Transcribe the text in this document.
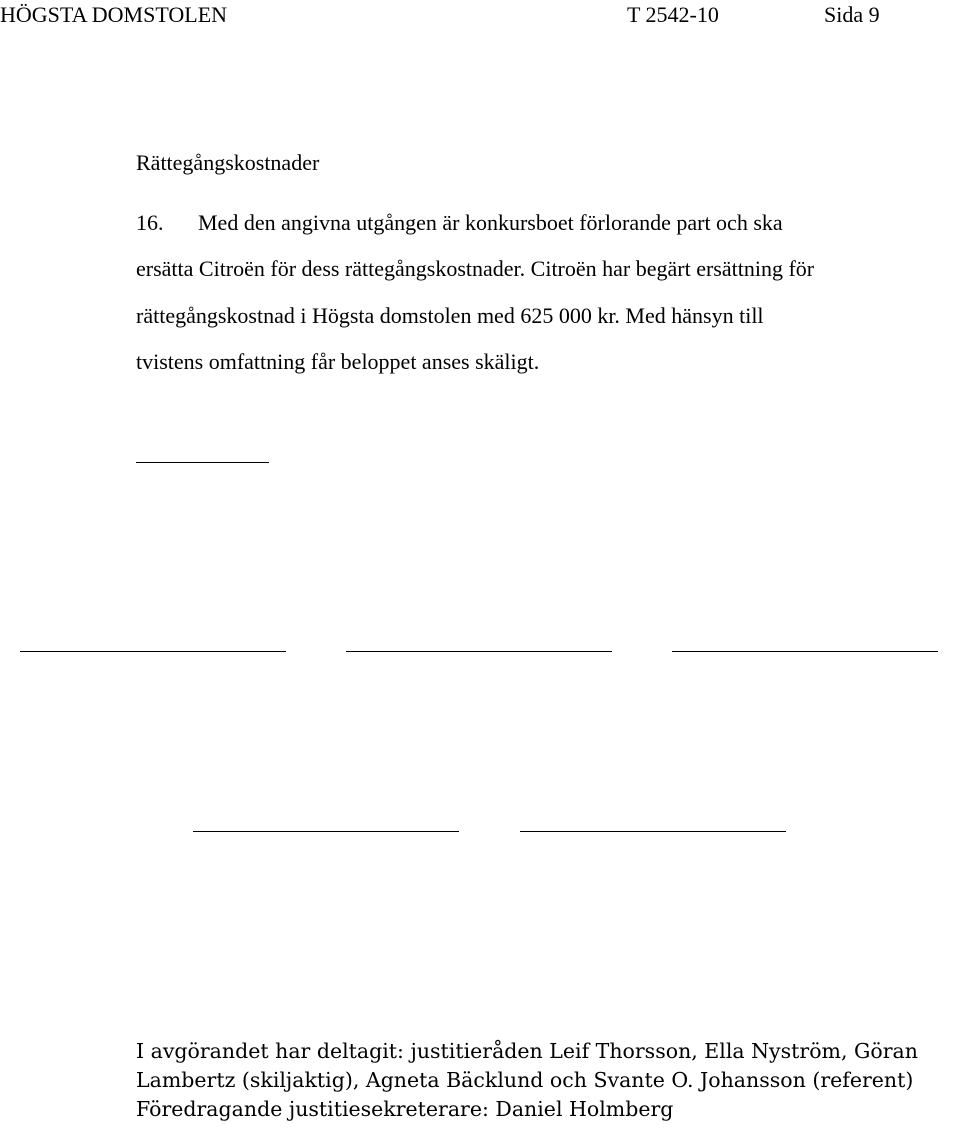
HÖGSTA DOMSTOLEN	T 2542-10	Sida 9
Rättegångskostnader
16. Med den angivna utgången är konkursboet förlorande part och ska
ersätta Citroën för dess rättegångskostnader. Citroën har begärt ersättning för
rättegångskostnad i Högsta domstolen med 625 000 kr. Med hänsyn till
tvistens omfattning får beloppet anses skäligt.
I avgörandet har deltagit: justitieråden Leif Thorsson, Ella Nyström, Göran
Lambertz (skiljaktig), Agneta Bäcklund och Svante O. Johansson (referent)
Föredragande justitiesekreterare: Daniel Holmberg
